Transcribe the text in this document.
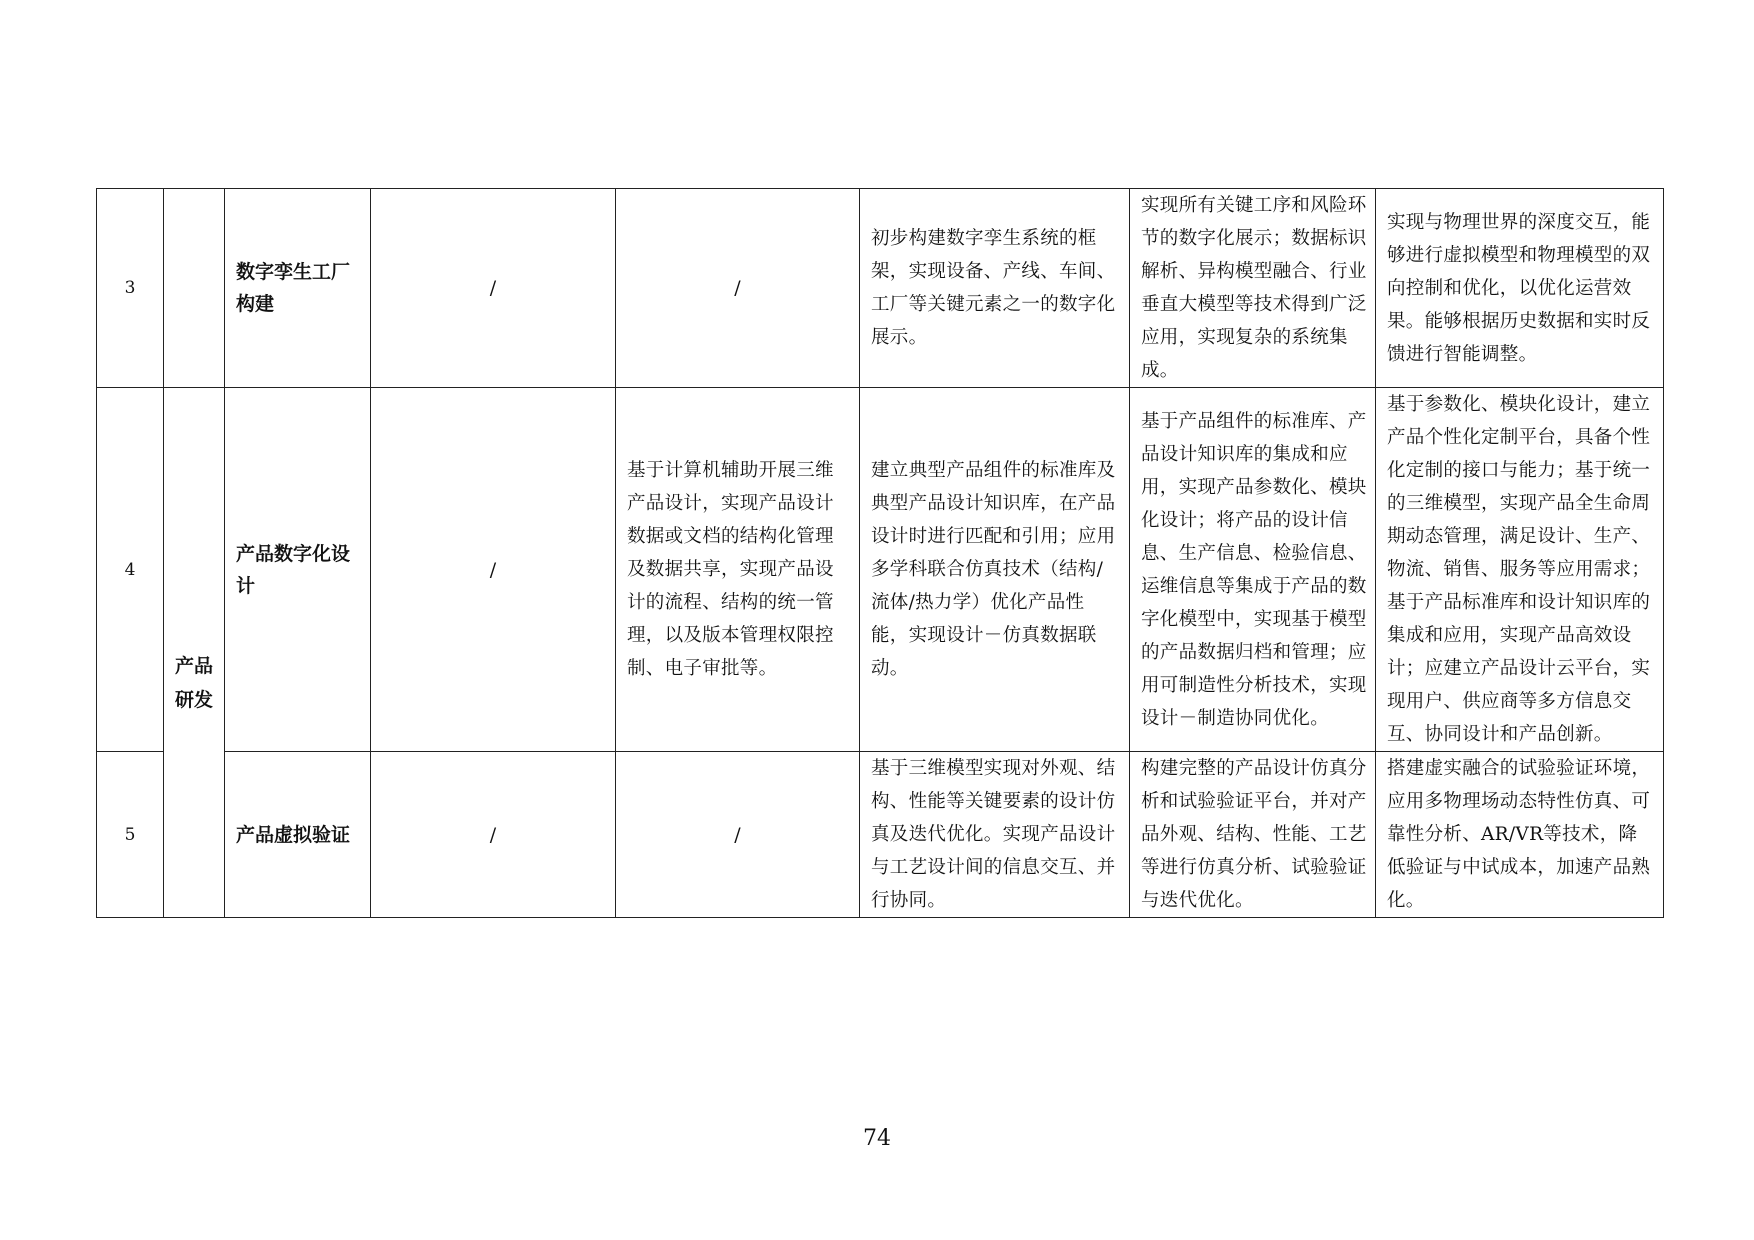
3		数字孪生工厂构建	/	/	初步构建数字孪生系统的框架，实现设备、产线、车间、工厂等关键元素之一的数字化展示。	实现所有关键工序和风险环节的数字化展示；数据标识解析、异构模型融合、行业垂直大模型等技术得到广泛应用，实现复杂的系统集成。	实现与物理世界的深度交互，能够进行虚拟模型和物理模型的双向控制和优化，以优化运营效果。能够根据历史数据和实时反馈进行智能调整。
4	产品研发	产品数字化设计	/	基于计算机辅助开展三维产品设计，实现产品设计数据或文档的结构化管理及数据共享，实现产品设计的流程、结构的统一管理，以及版本管理权限控制、电子审批等。	建立典型产品组件的标准库及典型产品设计知识库，在产品设计时进行匹配和引用；应用多学科联合仿真技术（结构/流体/热力学）优化产品性能，实现设计－仿真数据联动。	基于产品组件的标准库、产品设计知识库的集成和应用，实现产品参数化、模块化设计；将产品的设计信息、生产信息、检验信息、运维信息等集成于产品的数字化模型中，实现基于模型的产品数据归档和管理；应用可制造性分析技术，实现设计－制造协同优化。	基于参数化、模块化设计，建立产品个性化定制平台，具备个性化定制的接口与能力；基于统一的三维模型，实现产品全生命周期动态管理，满足设计、生产、物流、销售、服务等应用需求；基于产品标准库和设计知识库的集成和应用，实现产品高效设计；应建立产品设计云平台，实现用户、供应商等多方信息交互、协同设计和产品创新。
5		产品虚拟验证	/	/	基于三维模型实现对外观、结构、性能等关键要素的设计仿真及迭代优化。实现产品设计与工艺设计间的信息交互、并行协同。	构建完整的产品设计仿真分析和试验验证平台，并对产品外观、结构、性能、工艺等进行仿真分析、试验验证与迭代优化。	搭建虚实融合的试验验证环境，应用多物理场动态特性仿真、可靠性分析、AR/VR等技术，降低验证与中试成本，加速产品熟化。
74
